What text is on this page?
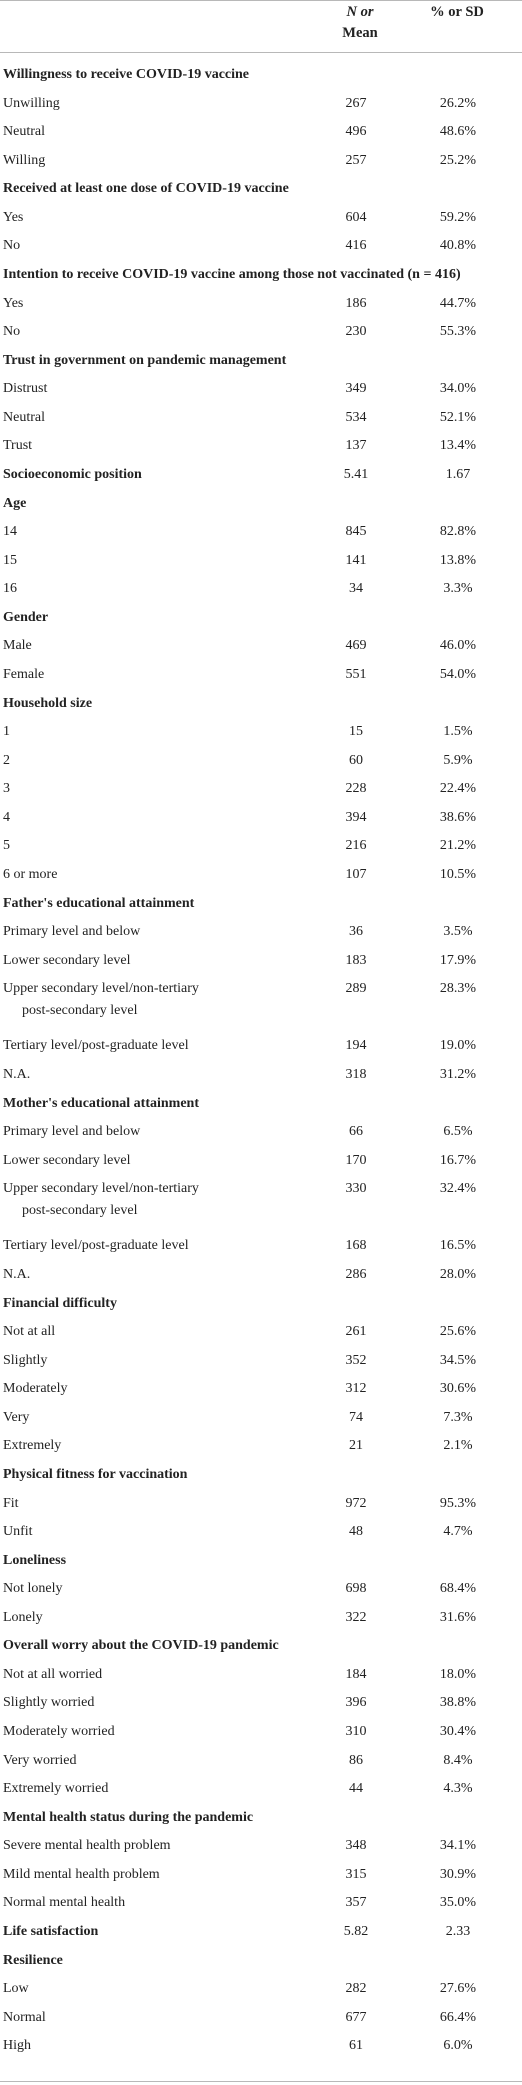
N or
Mean
% or SD
Willingness to receive COVID-19 vaccine
Unwilling	267	26.2%
Neutral	496	48.6%
Willing	257	25.2%
Received at least one dose of COVID-19 vaccine
Yes	604	59.2%
No	416	40.8%
Intention to receive COVID-19 vaccine among those not vaccinated (n = 416)
Yes	186	44.7%
No	230	55.3%
Trust in government on pandemic management
Distrust	349	34.0%
Neutral	534	52.1%
Trust	137	13.4%
Socioeconomic position	5.41	1.67
Age
14	845	82.8%
15	141	13.8%
16	34	3.3%
Gender
Male	469	46.0%
Female	551	54.0%
Household size
1	15	1.5%
2	60	5.9%
3	228	22.4%
4	394	38.6%
5	216	21.2%
6 or more	107	10.5%
Father's educational attainment
Primary level and below	36	3.5%
Lower secondary level	183	17.9%
Upper secondary level/non-tertiary
post-secondary level
289	28.3%
Tertiary level/post-graduate level	194	19.0%
N.A.	318	31.2%
Mother's educational attainment
Primary level and below	66	6.5%
Lower secondary level	170	16.7%
Upper secondary level/non-tertiary
post-secondary level
330	32.4%
Tertiary level/post-graduate level	168	16.5%
N.A.	286	28.0%
Financial difficulty
Not at all	261	25.6%
Slightly	352	34.5%
Moderately	312	30.6%
Very	74	7.3%
Extremely	21	2.1%
Physical fitness for vaccination
Fit	972	95.3%
Unfit	48	4.7%
Loneliness
Not lonely	698	68.4%
Lonely	322	31.6%
Overall worry about the COVID-19 pandemic
Not at all worried	184	18.0%
Slightly worried	396	38.8%
Moderately worried	310	30.4%
Very worried	86	8.4%
Extremely worried	44	4.3%
Mental health status during the pandemic
Severe mental health problem	348	34.1%
Mild mental health problem	315	30.9%
Normal mental health	357	35.0%
Life satisfaction	5.82	2.33
Resilience
Low	282	27.6%
Normal	677	66.4%
High	61	6.0%
